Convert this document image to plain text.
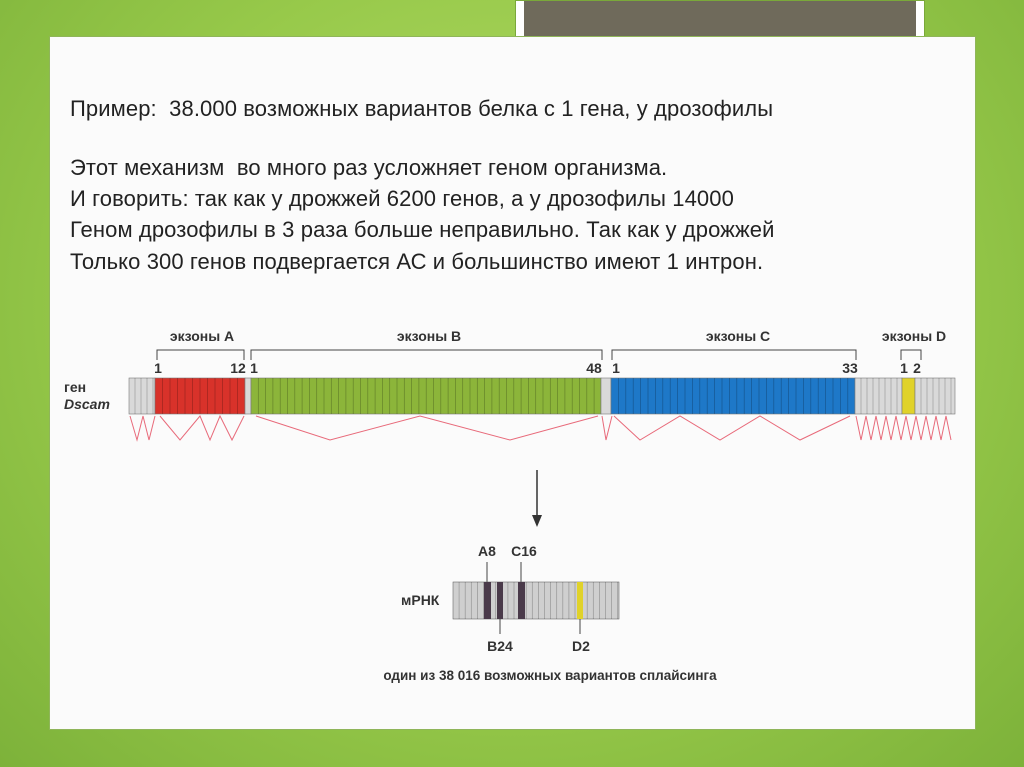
Пример:  38.000 возможных вариантов белка с 1 гена, у дрозофилы
Этот механизм  во много раз усложняет геном организма.
И говорить: так как у дрожжей 6200 генов, а у дрозофилы 14000
Геном дрозофилы в 3 раза больше неправильно. Так как у дрожжей
Только 300 генов подвергается АС и большинство имеют 1 интрон.
экзоны А	экзоны В	экзоны С	экзоны D
1	12 1	48 1	33	1 2
ген
Dscam
A8 C16
мРНК
B24	D2
один из 38 016 возможных вариантов сплайсинга
